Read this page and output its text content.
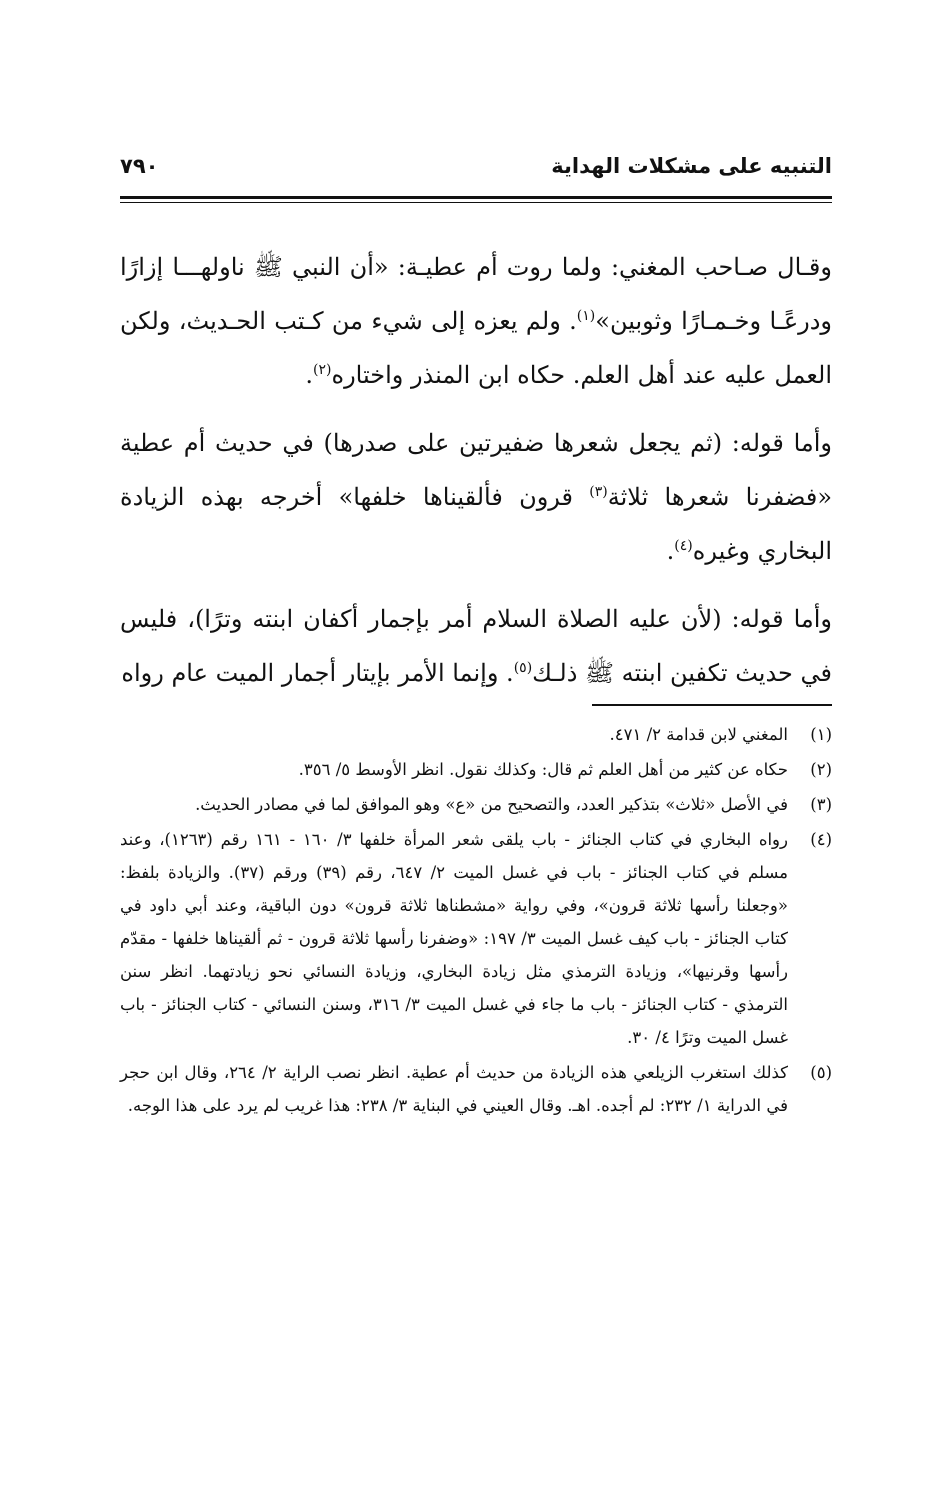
التنبيه على مشكلات الهداية
٧٩٠

وقـال صـاحب المغني: ولما روت أم عطيـة: «أن النبي ﷺ ناولهـــا إزارًا ودرعًـا وخـمـارًا وثوبين»$^{(١)}$. ولم يعزه إلى شيء من كـتب الحـديث، ولكن العمل عليه عند أهل العلم. حكاه ابن المنذر واختاره$^{(٢)}$.

وأما قوله: (ثم يجعل شعرها ضفيرتين على صدرها) في حديث أم عطية «فضفرنا شعرها ثلاثة$^{(٣)}$ قرون فألقيناها خلفها» أخرجه بهذه الزيادة البخاري وغيره$^{(٤)}$.

وأما قوله: (لأن عليه الصلاة السلام أمر بإجمار أكفان ابنته وترًا)، فليس في حديث تكفين ابنته ﷺ ذلـك$^{(٥)}$. وإنما الأمر بإيتار أجمار الميت عام رواه

(١)
المغني لابن قدامة ٢/ ٤٧١.
(٢)
حكاه عن كثير من أهل العلم ثم قال: وكذلك نقول. انظر الأوسط ٥/ ٣٥٦.
(٣)
في الأصل «ثلاث» بتذكير العدد، والتصحيح من «ع» وهو الموافق لما في مصادر الحديث.
(٤)
رواه البخاري في كتاب الجنائز - باب يلقى شعر المرأة خلفها ٣/ ١٦٠ - ١٦١ رقم (١٢٦٣)، وعند مسلم في كتاب الجنائز - باب في غسل الميت ٢/ ٦٤٧، رقم (٣٩) ورقم (٣٧). والزيادة بلفظ: «وجعلنا رأسها ثلاثة قرون»، وفي رواية «مشطناها ثلاثة قرون» دون الباقية، وعند أبي داود في كتاب الجنائز - باب كيف غسل الميت ٣/ ١٩٧: «وضفرنا رأسها ثلاثة قرون - ثم ألقيناها خلفها - مقدّم رأسها وقرنيها»، وزيادة الترمذي مثل زيادة البخاري، وزيادة النسائي نحو زيادتهما. انظر سنن الترمذي - كتاب الجنائز - باب ما جاء في غسل الميت ٣/ ٣١٦، وسنن النسائي - كتاب الجنائز - باب غسل الميت وترًا ٤/ ٣٠.
(٥)
كذلك استغرب الزيلعي هذه الزيادة من حديث أم عطية. انظر نصب الراية ٢/ ٢٦٤، وقال ابن حجر في الدراية ١/ ٢٣٢: لم أجده. اهـ. وقال العيني في البناية ٣/ ٢٣٨: هذا غريب لم يرد على هذا الوجه.
